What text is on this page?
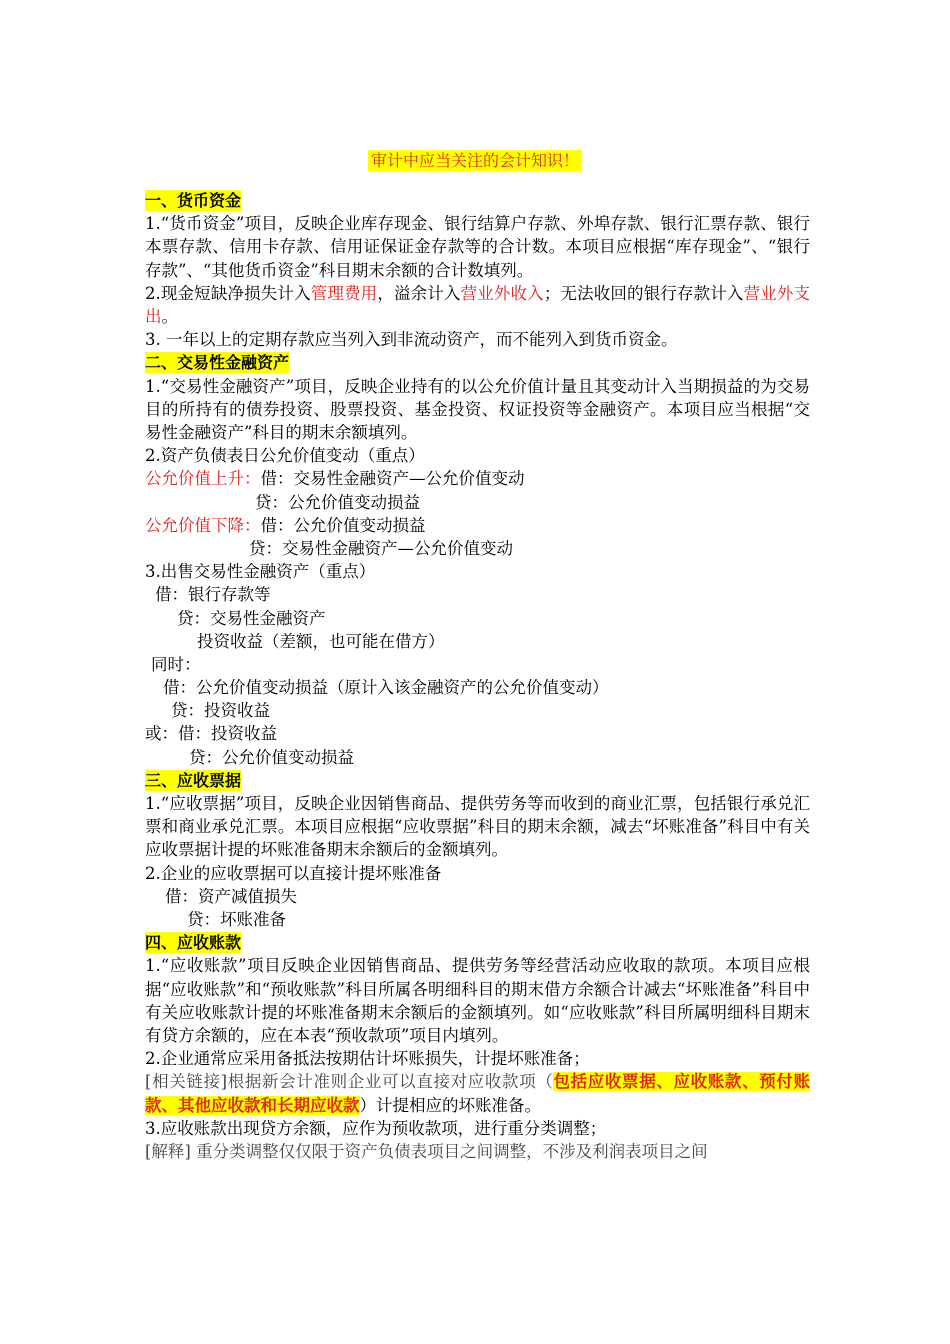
审计中应当关注的会计知识！
一、货币资金
1.“货币资金”项目，反映企业库存现金、银行结算户存款、外埠存款、银行汇票存款、银行本票存款、信用卡存款、信用证保证金存款等的合计数。本项目应根据“库存现金”、“银行存款”、“其他货币资金”科目期末余额的合计数填列。
2.现金短缺净损失计入管理费用，溢余计入营业外收入；无法收回的银行存款计入营业外支出。
3. 一年以上的定期存款应当列入到非流动资产，而不能列入到货币资金。
二、交易性金融资产
1.“交易性金融资产”项目，反映企业持有的以公允价值计量且其变动计入当期损益的为交易目的所持有的债券投资、股票投资、基金投资、权证投资等金融资产。本项目应当根据“交易性金融资产”科目的期末余额填列。
2.资产负债表日公允价值变动（重点）
公允价值上升：借：交易性金融资产—公允价值变动
贷：公允价值变动损益
公允价值下降：借：公允价值变动损益
贷：交易性金融资产—公允价值变动
3.出售交易性金融资产（重点）
借：银行存款等
贷：交易性金融资产
投资收益（差额，也可能在借方）
同时：
借：公允价值变动损益（原计入该金融资产的公允价值变动）
贷：投资收益
或：借：投资收益
贷：公允价值变动损益
三、应收票据
1.“应收票据”项目，反映企业因销售商品、提供劳务等而收到的商业汇票，包括银行承兑汇票和商业承兑汇票。本项目应根据“应收票据”科目的期末余额，减去“坏账准备”科目中有关应收票据计提的坏账准备期末余额后的金额填列。
2.企业的应收票据可以直接计提坏账准备
借：资产减值损失
贷：坏账准备
四、应收账款
1.“应收账款”项目反映企业因销售商品、提供劳务等经营活动应收取的款项。本项目应根据“应收账款”和“预收账款”科目所属各明细科目的期末借方余额合计减去“坏账准备”科目中有关应收账款计提的坏账准备期末余额后的金额填列。如“应收账款”科目所属明细科目期末有贷方余额的，应在本表“预收款项”项目内填列。
2.企业通常应采用备抵法按期估计坏账损失，计提坏账准备；
[相关链接]根据新会计准则企业可以直接对应收款项（包括应收票据、应收账款、预付账款、其他应收款和长期应收款）计提相应的坏账准备。
3.应收账款出现贷方余额，应作为预收款项，进行重分类调整；
[解释] 重分类调整仅仅限于资产负债表项目之间调整，不涉及利润表项目之间
